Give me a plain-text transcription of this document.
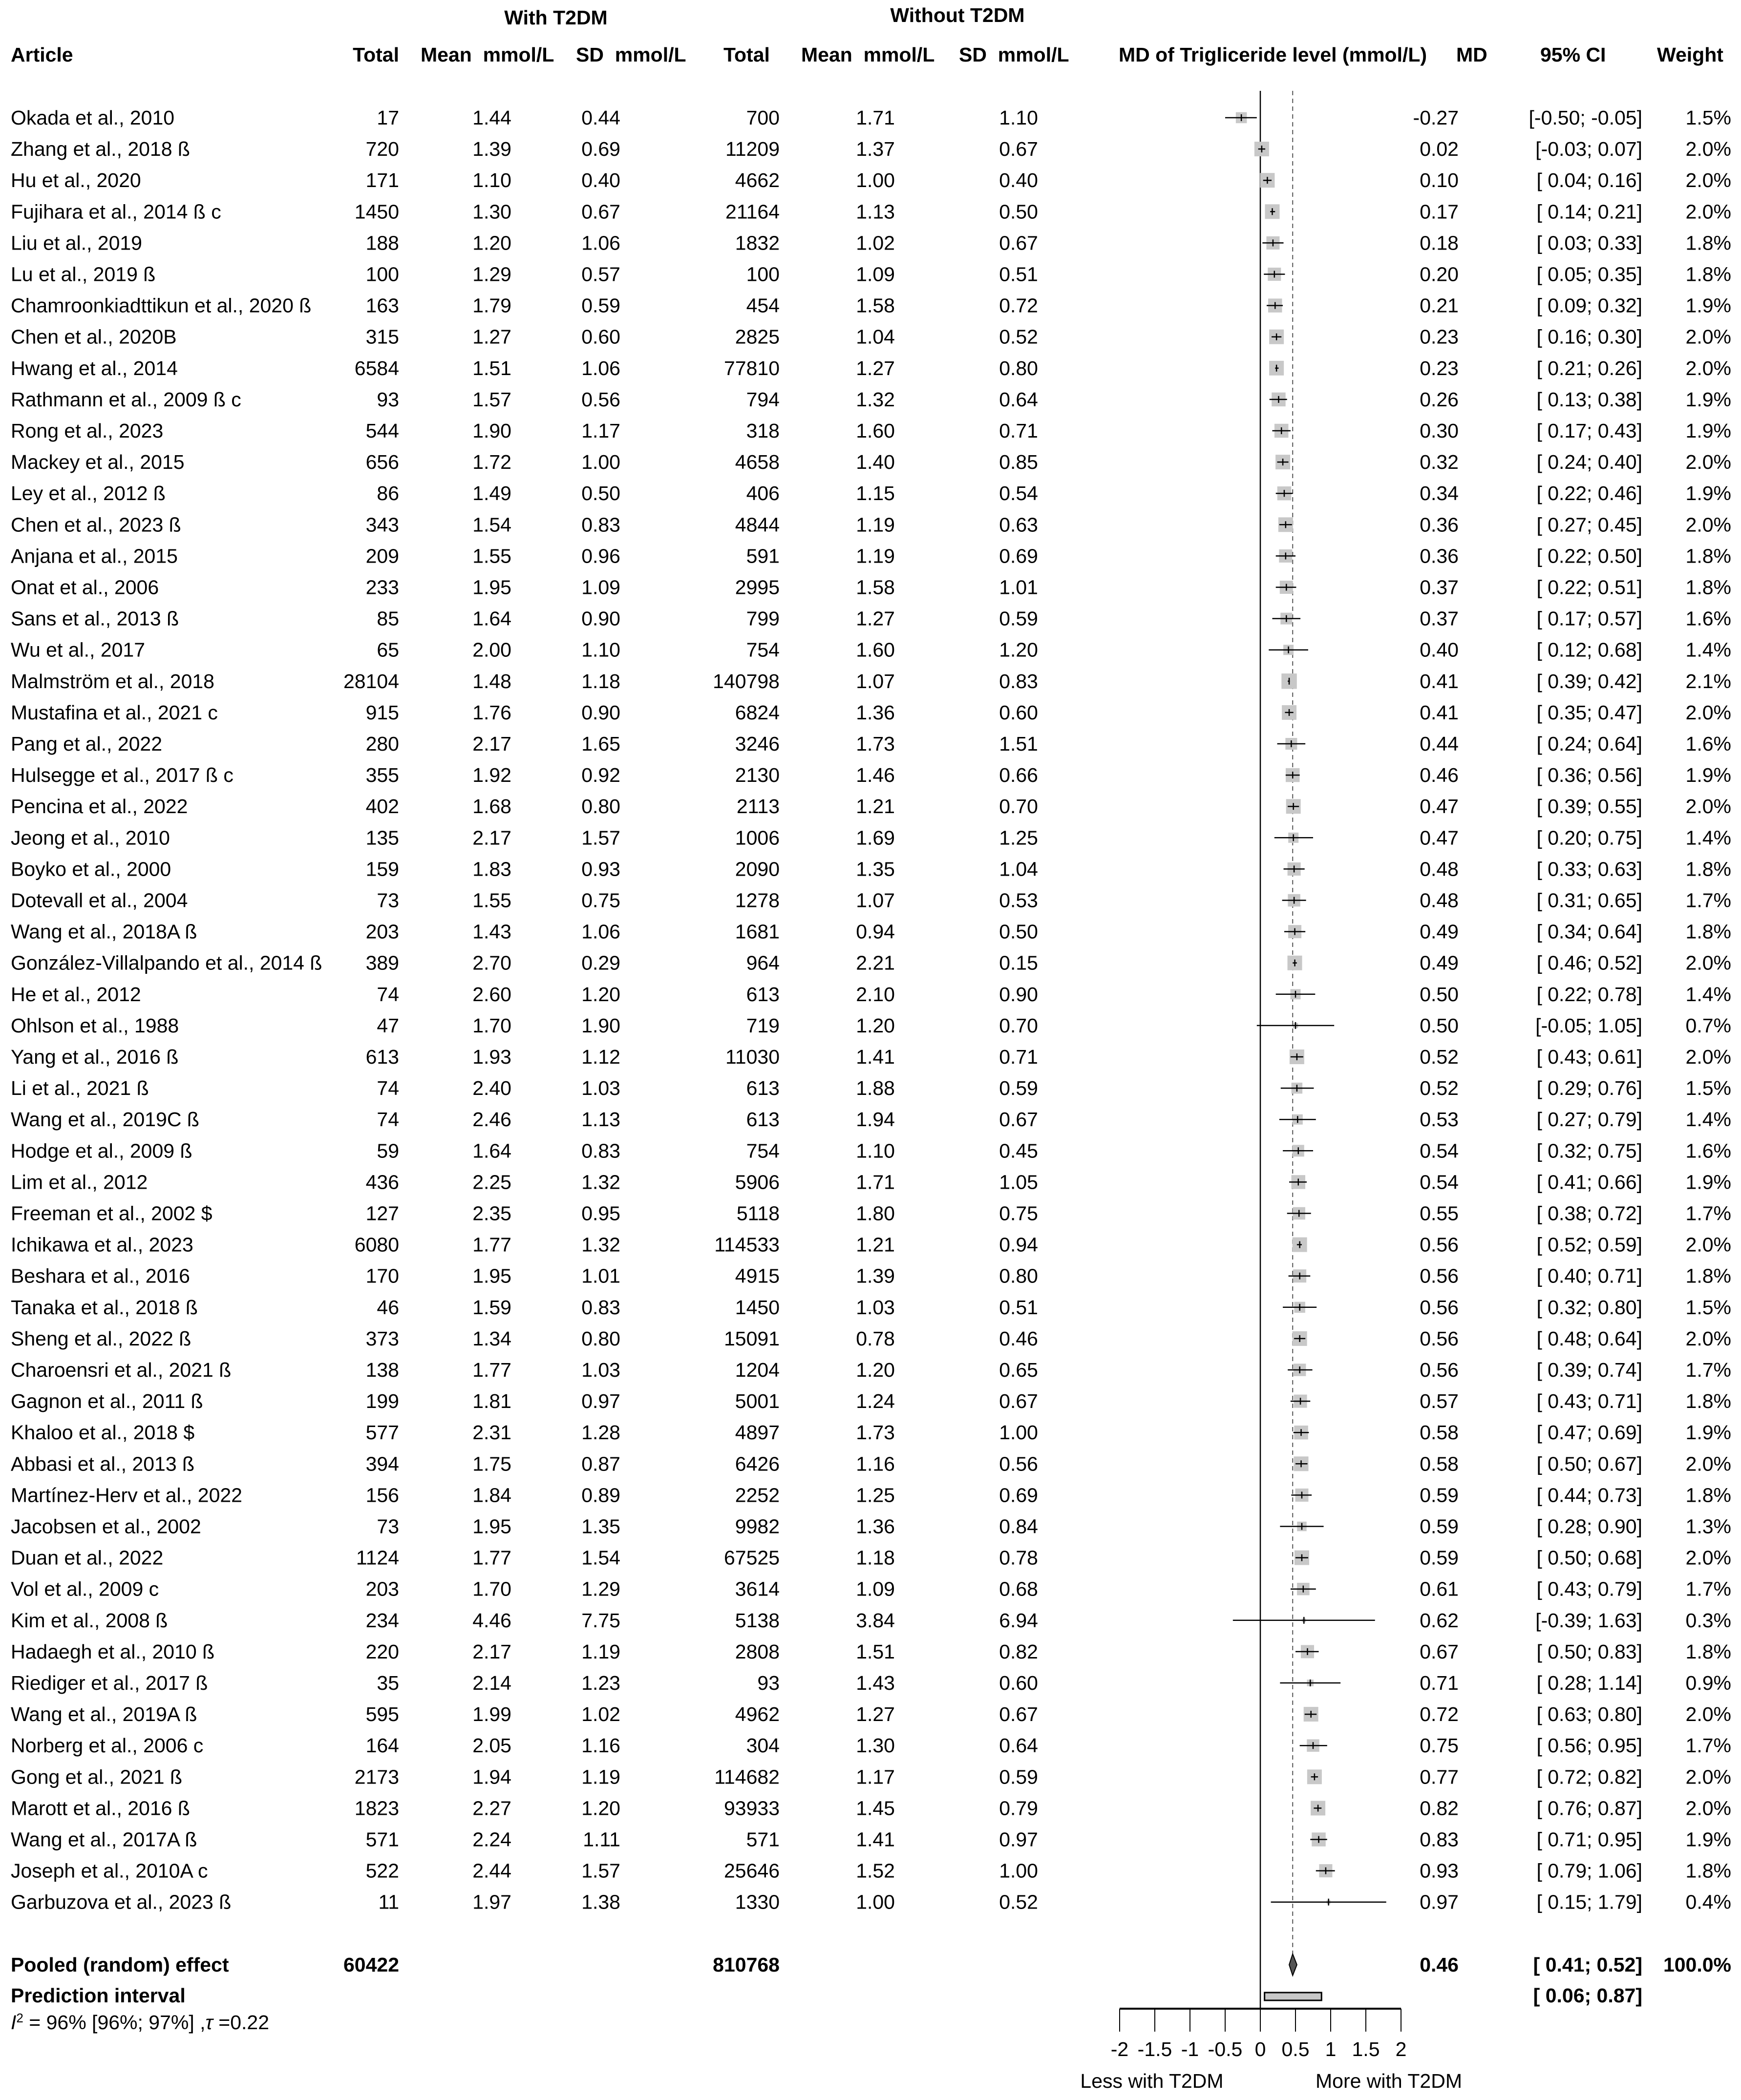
With T2DM	Without T2DM
Article	Total Mean  mmol/L SD  mmol/L Total Mean  mmol/L SD  mmol/L MD of Trigliceride level (mmol/L) MD	95% CI	Weight
Okada et al., 2010	17	1.44	0.44	700	1.71	1.10	-0.27	[-0.50; -0.05] 1.5%
Zhang et al., 2018 ß	720	1.39	0.69	11209	1.37	0.67	0.02	[-0.03; 0.07] 2.0%
Hu et al., 2020	171	1.10	0.40	4662	1.00	0.40	0.10	[ 0.04; 0.16] 2.0%
Fujihara et al., 2014 ß c	1450	1.30	0.67	21164	1.13	0.50	0.17	[ 0.14; 0.21] 2.0%
Liu et al., 2019	188	1.20	1.06	1832	1.02	0.67	0.18	[ 0.03; 0.33] 1.8%
Lu et al., 2019 ß	100	1.29	0.57	100	1.09	0.51	0.20	[ 0.05; 0.35] 1.8%
Chamroonkiadttikun et al., 2020 ß	163	1.79	0.59	454	1.58	0.72	0.21	[ 0.09; 0.32] 1.9%
Chen et al., 2020B	315	1.27	0.60	2825	1.04	0.52	0.23	[ 0.16; 0.30] 2.0%
Hwang et al., 2014	6584	1.51	1.06	77810	1.27	0.80	0.23	[ 0.21; 0.26] 2.0%
Rathmann et al., 2009 ß c	93	1.57	0.56	794	1.32	0.64	0.26	[ 0.13; 0.38] 1.9%
Rong et al., 2023	544	1.90	1.17	318	1.60	0.71	0.30	[ 0.17; 0.43] 1.9%
Mackey et al., 2015	656	1.72	1.00	4658	1.40	0.85	0.32	[ 0.24; 0.40] 2.0%
Ley et al., 2012 ß	86	1.49	0.50	406	1.15	0.54	0.34	[ 0.22; 0.46] 1.9%
Chen et al., 2023 ß	343	1.54	0.83	4844	1.19	0.63	0.36	[ 0.27; 0.45] 2.0%
Anjana et al., 2015	209	1.55	0.96	591	1.19	0.69	0.36	[ 0.22; 0.50] 1.8%
Onat et al., 2006	233	1.95	1.09	2995	1.58	1.01	0.37	[ 0.22; 0.51] 1.8%
Sans et al., 2013 ß	85	1.64	0.90	799	1.27	0.59	0.37	[ 0.17; 0.57] 1.6%
Wu et al., 2017	65	2.00	1.10	754	1.60	1.20	0.40	[ 0.12; 0.68] 1.4%
Malmström et al., 2018	28104	1.48	1.18	140798	1.07	0.83	0.41	[ 0.39; 0.42] 2.1%
Mustafina et al., 2021 c	915	1.76	0.90	6824	1.36	0.60	0.41	[ 0.35; 0.47] 2.0%
Pang et al., 2022	280	2.17	1.65	3246	1.73	1.51	0.44	[ 0.24; 0.64] 1.6%
Hulsegge et al., 2017 ß c	355	1.92	0.92	2130	1.46	0.66	0.46	[ 0.36; 0.56] 1.9%
Pencina et al., 2022	402	1.68	0.80	2113	1.21	0.70	0.47	[ 0.39; 0.55] 2.0%
Jeong et al., 2010	135	2.17	1.57	1006	1.69	1.25	0.47	[ 0.20; 0.75] 1.4%
Boyko et al., 2000	159	1.83	0.93	2090	1.35	1.04	0.48	[ 0.33; 0.63] 1.8%
Dotevall et al., 2004	73	1.55	0.75	1278	1.07	0.53	0.48	[ 0.31; 0.65] 1.7%
Wang et al., 2018A ß	203	1.43	1.06	1681	0.94	0.50	0.49	[ 0.34; 0.64] 1.8%
González-Villalpando et al., 2014 ß 389	2.70	0.29	964	2.21	0.15	0.49	[ 0.46; 0.52] 2.0%
He et al., 2012	74	2.60	1.20	613	2.10	0.90	0.50	[ 0.22; 0.78] 1.4%
Ohlson et al., 1988	47	1.70	1.90	719	1.20	0.70	0.50	[-0.05; 1.05] 0.7%
Yang et al., 2016 ß	613	1.93	1.12	11030	1.41	0.71	0.52	[ 0.43; 0.61] 2.0%
Li et al., 2021 ß	74	2.40	1.03	613	1.88	0.59	0.52	[ 0.29; 0.76] 1.5%
Wang et al., 2019C ß	74	2.46	1.13	613	1.94	0.67	0.53	[ 0.27; 0.79] 1.4%
Hodge et al., 2009 ß	59	1.64	0.83	754	1.10	0.45	0.54	[ 0.32; 0.75] 1.6%
Lim et al., 2012	436	2.25	1.32	5906	1.71	1.05	0.54	[ 0.41; 0.66] 1.9%
Freeman et al., 2002 $	127	2.35	0.95	5118	1.80	0.75	0.55	[ 0.38; 0.72] 1.7%
Ichikawa et al., 2023	6080	1.77	1.32	114533	1.21	0.94	0.56	[ 0.52; 0.59] 2.0%
Beshara et al., 2016	170	1.95	1.01	4915	1.39	0.80	0.56	[ 0.40; 0.71] 1.8%
Tanaka et al., 2018 ß	46	1.59	0.83	1450	1.03	0.51	0.56	[ 0.32; 0.80] 1.5%
Sheng et al., 2022 ß	373	1.34	0.80	15091	0.78	0.46	0.56	[ 0.48; 0.64] 2.0%
Charoensri et al., 2021 ß	138	1.77	1.03	1204	1.20	0.65	0.56	[ 0.39; 0.74] 1.7%
Gagnon et al., 2011 ß	199	1.81	0.97	5001	1.24	0.67	0.57	[ 0.43; 0.71] 1.8%
Khaloo et al., 2018 $	577	2.31	1.28	4897	1.73	1.00	0.58	[ 0.47; 0.69] 1.9%
Abbasi et al., 2013 ß	394	1.75	0.87	6426	1.16	0.56	0.58	[ 0.50; 0.67] 2.0%
Martínez-Herv et al., 2022	156	1.84	0.89	2252	1.25	0.69	0.59	[ 0.44; 0.73] 1.8%
Jacobsen et al., 2002	73	1.95	1.35	9982	1.36	0.84	0.59	[ 0.28; 0.90] 1.3%
Duan et al., 2022	1124	1.77	1.54	67525	1.18	0.78	0.59	[ 0.50; 0.68] 2.0%
Vol et al., 2009 c	203	1.70	1.29	3614	1.09	0.68	0.61	[ 0.43; 0.79] 1.7%
Kim et al., 2008 ß	234	4.46	7.75	5138	3.84	6.94	0.62	[-0.39; 1.63] 0.3%
Hadaegh et al., 2010 ß	220	2.17	1.19	2808	1.51	0.82	0.67	[ 0.50; 0.83] 1.8%
Riediger et al., 2017 ß	35	2.14	1.23	93	1.43	0.60	0.71	[ 0.28; 1.14] 0.9%
Wang et al., 2019A ß	595	1.99	1.02	4962	1.27	0.67	0.72	[ 0.63; 0.80] 2.0%
Norberg et al., 2006 c	164	2.05	1.16	304	1.30	0.64	0.75	[ 0.56; 0.95] 1.7%
Gong et al., 2021 ß	2173	1.94	1.19	114682	1.17	0.59	0.77	[ 0.72; 0.82] 2.0%
Marott et al., 2016 ß	1823	2.27	1.20	93933	1.45	0.79	0.82	[ 0.76; 0.87] 2.0%
Wang et al., 2017A ß	571	2.24	1.11	571	1.41	0.97	0.83	[ 0.71; 0.95] 1.9%
Joseph et al., 2010A c	522	2.44	1.57	25646	1.52	1.00	0.93	[ 0.79; 1.06] 1.8%
Garbuzova et al., 2023 ß	11	1.97	1.38	1330	1.00	0.52	0.97	[ 0.15; 1.79] 0.4%
-2 -1.5 -1 -0.5 0 0.5 1 1.5 2
Pooled (random) effect	60422	810768	0.46	[ 0.41; 0.52] 100.0%
Prediction interval	[ 0.06; 0.87]
$I^2 = 96\%$ [96%; 97%] ,τ =0.22
Less with T2DM	More with T2DM
